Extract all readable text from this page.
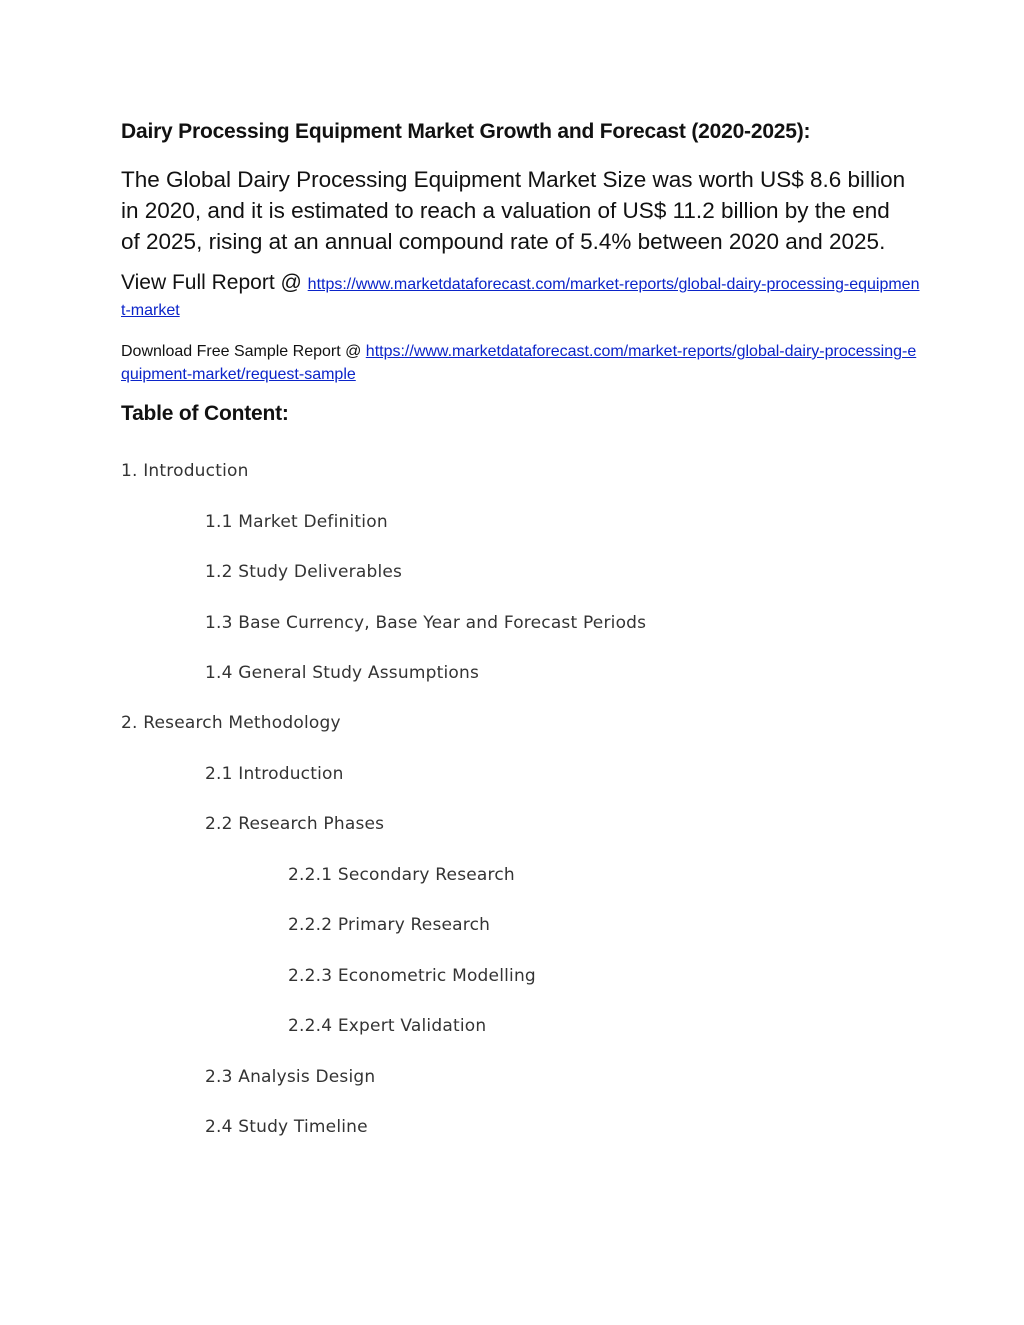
Dairy Processing Equipment Market Growth and Forecast (2020-2025):
The Global Dairy Processing Equipment Market Size was worth US$ 8.6 billion in 2020, and it is estimated to reach a valuation of US$ 11.2 billion by the end of 2025, rising at an annual compound rate of 5.4% between 2020 and 2025.
View Full Report @ https://www.marketdataforecast.com/market-reports/global-dairy-processing-equipment-market
Download Free Sample Report @ https://www.marketdataforecast.com/market-reports/global-dairy-processing-equipment-market/request-sample
Table of Content:
1. Introduction
1.1 Market Definition
1.2 Study Deliverables
1.3 Base Currency, Base Year and Forecast Periods
1.4 General Study Assumptions
2. Research Methodology
2.1 Introduction
2.2 Research Phases
2.2.1 Secondary Research
2.2.2 Primary Research
2.2.3 Econometric Modelling
2.2.4 Expert Validation
2.3 Analysis Design
2.4 Study Timeline
